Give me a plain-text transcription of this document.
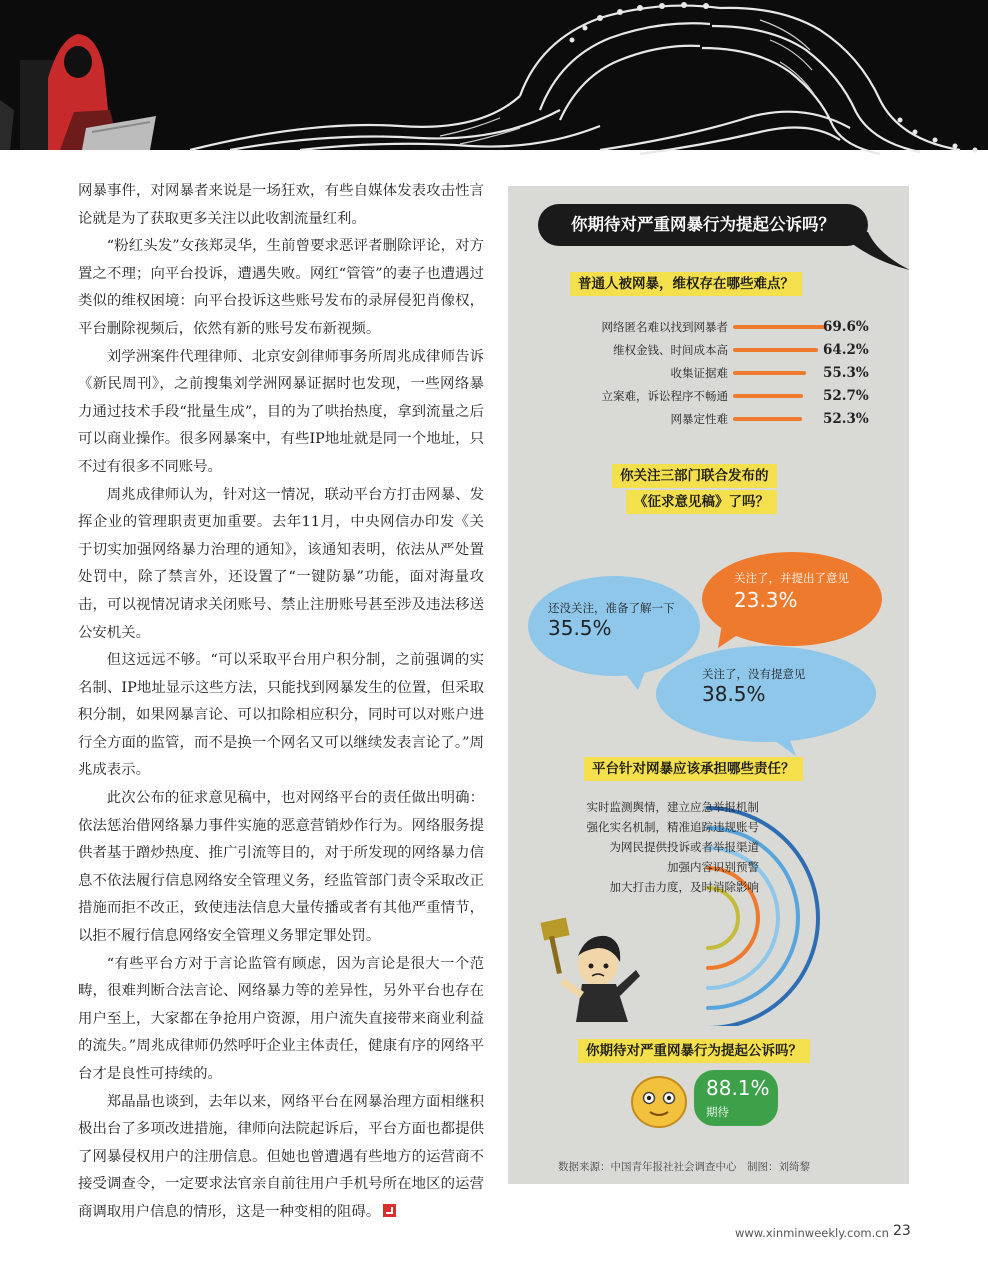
网暴事件，对网暴者来说是一场狂欢，有些自媒体发表攻击性言论就是为了获取更多关注以此收割流量红利。

“粉红头发”女孩郑灵华，生前曾要求恶评者删除评论，对方置之不理；向平台投诉，遭遇失败。网红“管管”的妻子也遭遇过类似的维权困境：向平台投诉这些账号发布的录屏侵犯肖像权，平台删除视频后，依然有新的账号发布新视频。

刘学洲案件代理律师、北京安剑律师事务所周兆成律师告诉《新民周刊》，之前搜集刘学洲网暴证据时也发现，一些网络暴力通过技术手段“批量生成”，目的为了哄抬热度，拿到流量之后可以商业操作。很多网暴案中，有些IP地址就是同一个地址，只不过有很多不同账号。

周兆成律师认为，针对这一情况，联动平台方打击网暴、发挥企业的管理职责更加重要。去年11月，中央网信办印发《关于切实加强网络暴力治理的通知》，该通知表明，依法从严处置处罚中，除了禁言外，还设置了“一键防暴”功能，面对海量攻击，可以视情况请求关闭账号、禁止注册账号甚至涉及违法移送公安机关。

但这远远不够。“可以采取平台用户积分制，之前强调的实名制、IP地址显示这些方法，只能找到网暴发生的位置，但采取积分制，如果网暴言论、可以扣除相应积分，同时可以对账户进行全方面的监管，而不是换一个网名又可以继续发表言论了。”周兆成表示。

此次公布的征求意见稿中，也对网络平台的责任做出明确：依法惩治借网络暴力事件实施的恶意营销炒作行为。网络服务提供者基于蹭炒热度、推广引流等目的，对于所发现的网络暴力信息不依法履行信息网络安全管理义务，经监管部门责令采取改正措施而拒不改正，致使违法信息大量传播或者有其他严重情节，以拒不履行信息网络安全管理义务罪定罪处罚。

“有些平台方对于言论监管有顾虑，因为言论是很大一个范畴，很难判断合法言论、网络暴力等的差异性，另外平台也存在用户至上，大家都在争抢用户资源，用户流失直接带来商业利益的流失。”周兆成律师仍然呼吁企业主体责任，健康有序的网络平台才是良性可持续的。

郑晶晶也谈到，去年以来，网络平台在网暴治理方面相继积极出台了多项改进措施，律师向法院起诉后，平台方面也都提供了网暴侵权用户的注册信息。但她也曾遭遇有些地方的运营商不接受调查令，一定要求法官亲自前往用户手机号所在地区的运营商调取用户信息的情形，这是一种变相的阻碍。

你期待对严重网暴行为提起公诉吗？
普通人被网暴，维权存在哪些难点？
网络匿名难以找到网暴者	69.6%
维权金钱、时间成本高	64.2%
收集证据难	55.3%
立案难，诉讼程序不畅通	52.7%
网暴定性难	52.3%
你关注三部门联合发布的
《征求意见稿》了吗？
还没关注，准备了解一下
35.5%
关注了，并提出了意见
23.3%
关注了，没有提意见
38.5%
平台针对网暴应该承担哪些责任？
实时监测舆情，建立应急举报机制
强化实名机制，精准追踪违规账号
为网民提供投诉或者举报渠道
加强内容识别预警
加大打击力度，及时消除影响
你期待对严重网暴行为提起公诉吗？
88.1%
期待
数据来源：中国青年报社社会调查中心　制图：刘绮黎
www.xinminweekly.com.cn 23
